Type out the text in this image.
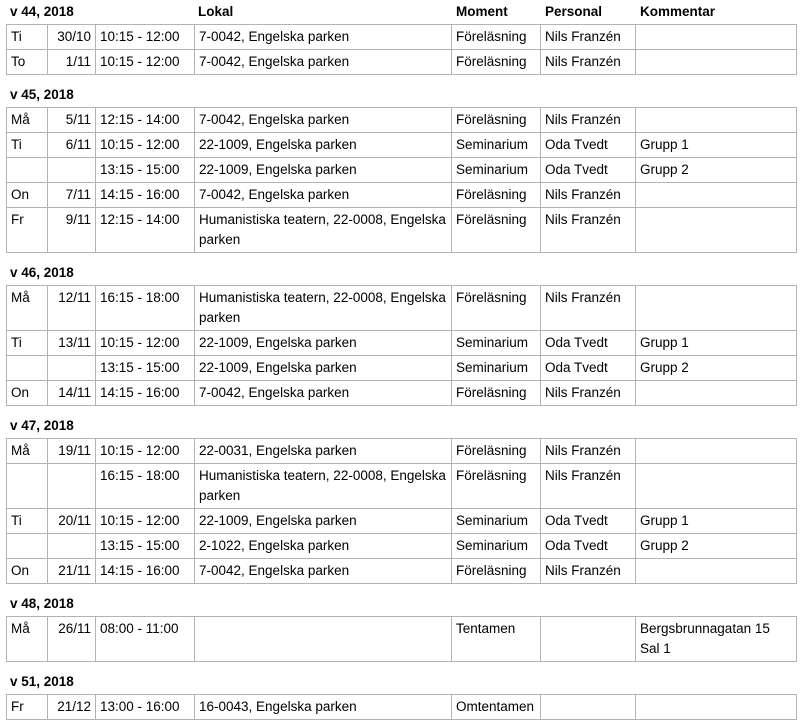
v 44, 2018	Lokal	Moment	Personal	Kommentar
Ti	30/10	10:15 - 12:00	7-0042, Engelska parken	Föreläsning	Nils Franzén	
To	1/11	10:15 - 12:00	7-0042, Engelska parken	Föreläsning	Nils Franzén	
v 45, 2018
Må	5/11	12:15 - 14:00	7-0042, Engelska parken	Föreläsning	Nils Franzén	
Ti	6/11	10:15 - 12:00	22-1009, Engelska parken	Seminarium	Oda Tvedt	Grupp 1
		13:15 - 15:00	22-1009, Engelska parken	Seminarium	Oda Tvedt	Grupp 2
On	7/11	14:15 - 16:00	7-0042, Engelska parken	Föreläsning	Nils Franzén	
Fr	9/11	12:15 - 14:00	Humanistiska teatern, 22-0008, Engelska parken	Föreläsning	Nils Franzén	
v 46, 2018
Må	12/11	16:15 - 18:00	Humanistiska teatern, 22-0008, Engelska parken	Föreläsning	Nils Franzén	
Ti	13/11	10:15 - 12:00	22-1009, Engelska parken	Seminarium	Oda Tvedt	Grupp 1
		13:15 - 15:00	22-1009, Engelska parken	Seminarium	Oda Tvedt	Grupp 2
On	14/11	14:15 - 16:00	7-0042, Engelska parken	Föreläsning	Nils Franzén	
v 47, 2018
Må	19/11	10:15 - 12:00	22-0031, Engelska parken	Föreläsning	Nils Franzén	
		16:15 - 18:00	Humanistiska teatern, 22-0008, Engelska parken	Föreläsning	Nils Franzén	
Ti	20/11	10:15 - 12:00	22-1009, Engelska parken	Seminarium	Oda Tvedt	Grupp 1
		13:15 - 15:00	2-1022, Engelska parken	Seminarium	Oda Tvedt	Grupp 2
On	21/11	14:15 - 16:00	7-0042, Engelska parken	Föreläsning	Nils Franzén	
v 48, 2018
Må	26/11	08:00 - 11:00		Tentamen		Bergsbrunnagatan 15 Sal 1
v 51, 2018
Fr	21/12	13:00 - 16:00	16-0043, Engelska parken	Omtentamen		
